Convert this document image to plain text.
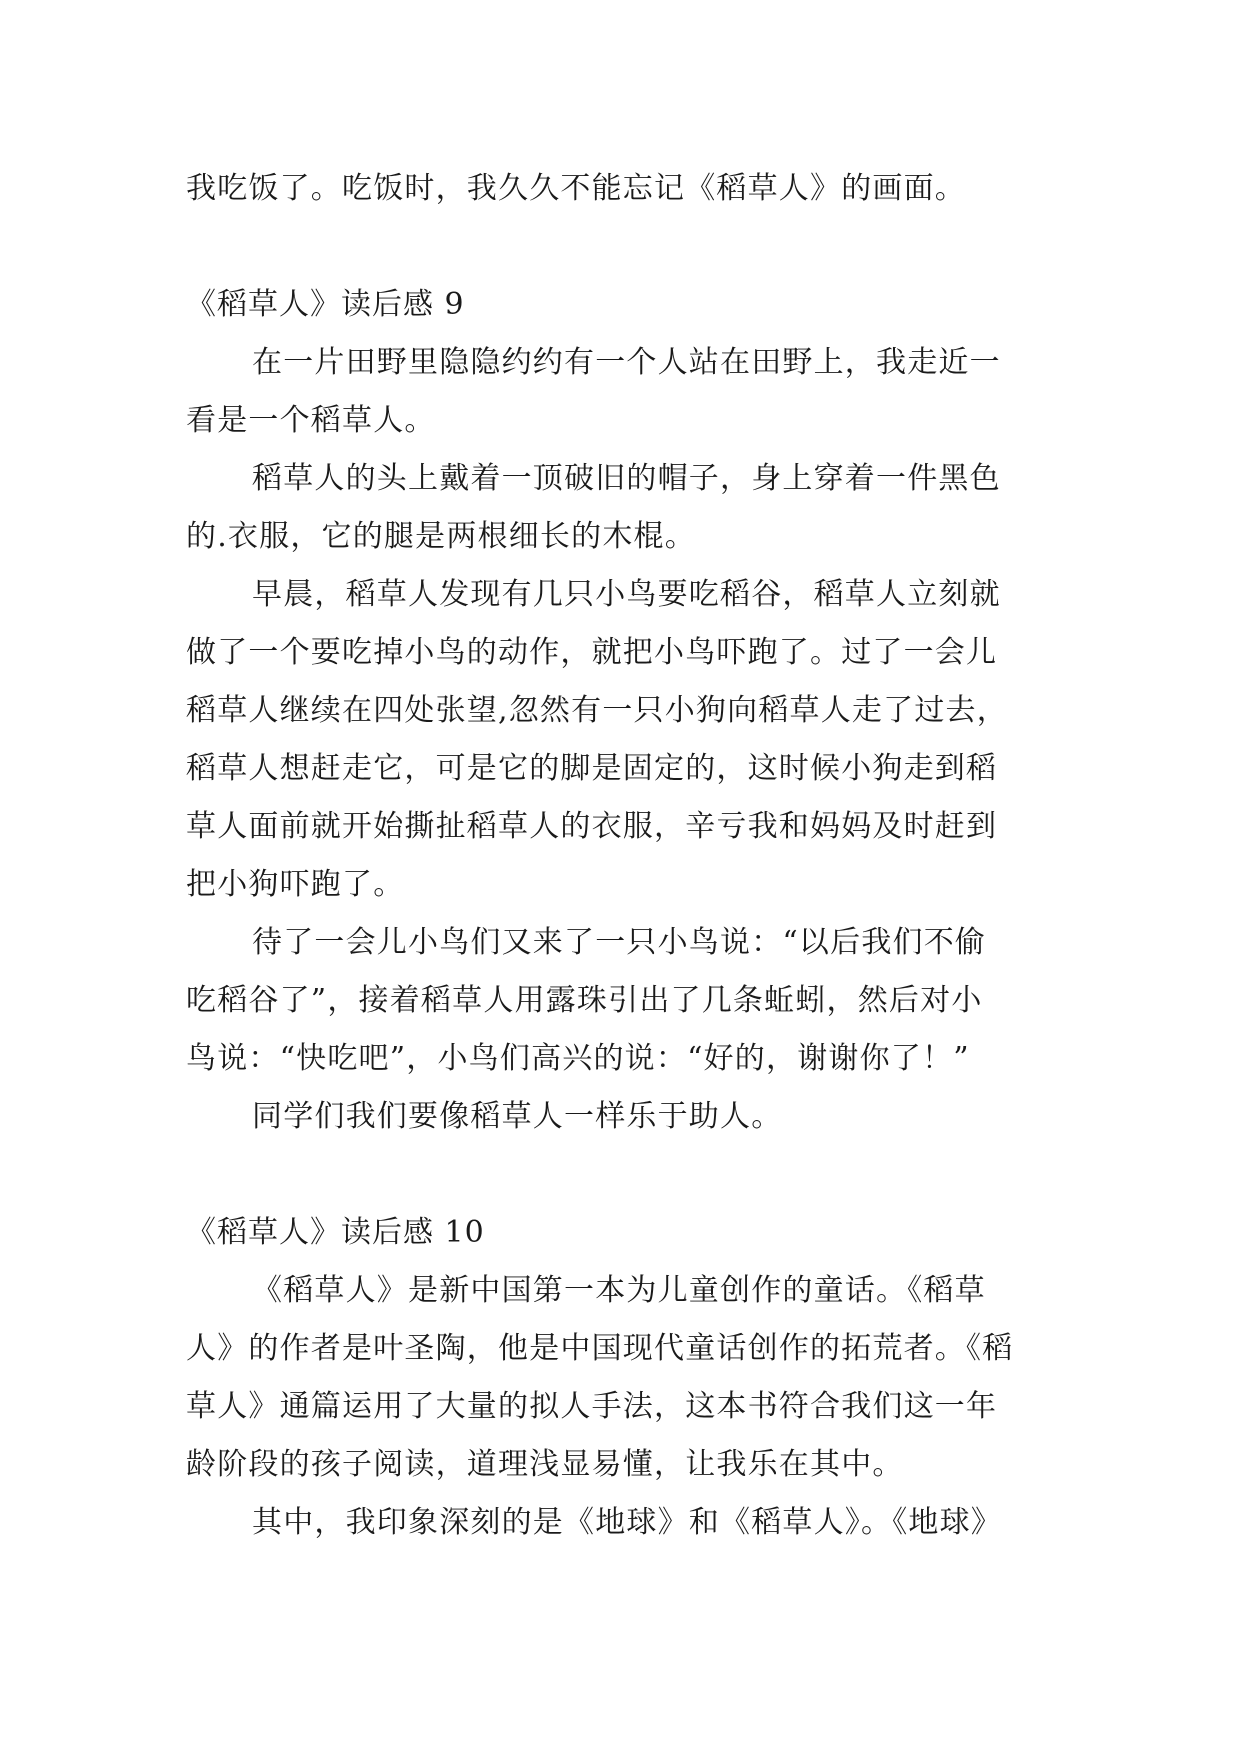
我吃饭了。吃饭时，我久久不能忘记《稻草人》的画面。
《稻草人》读后感 9
在一片田野里隐隐约约有一个人站在田野上，我走近一
看是一个稻草人。
稻草人的头上戴着一顶破旧的帽子，身上穿着一件黑色
的.衣服，它的腿是两根细长的木棍。
早晨，稻草人发现有几只小鸟要吃稻谷，稻草人立刻就
做了一个要吃掉小鸟的动作，就把小鸟吓跑了。过了一会儿
稻草人继续在四处张望,忽然有一只小狗向稻草人走了过去，
稻草人想赶走它，可是它的脚是固定的，这时候小狗走到稻
草人面前就开始撕扯稻草人的衣服，辛亏我和妈妈及时赶到
把小狗吓跑了。
待了一会儿小鸟们又来了一只小鸟说：“以后我们不偷
吃稻谷了”，接着稻草人用露珠引出了几条蚯蚓，然后对小
鸟说：“快吃吧”，小鸟们高兴的说：“好的，谢谢你了！”
同学们我们要像稻草人一样乐于助人。
《稻草人》读后感 10
《稻草人》是新中国第一本为儿童创作的童话。《稻草
人》的作者是叶圣陶，他是中国现代童话创作的拓荒者。《稻
草人》通篇运用了大量的拟人手法，这本书符合我们这一年
龄阶段的孩子阅读，道理浅显易懂，让我乐在其中。
其中，我印象深刻的是《地球》和《稻草人》。《地球》
